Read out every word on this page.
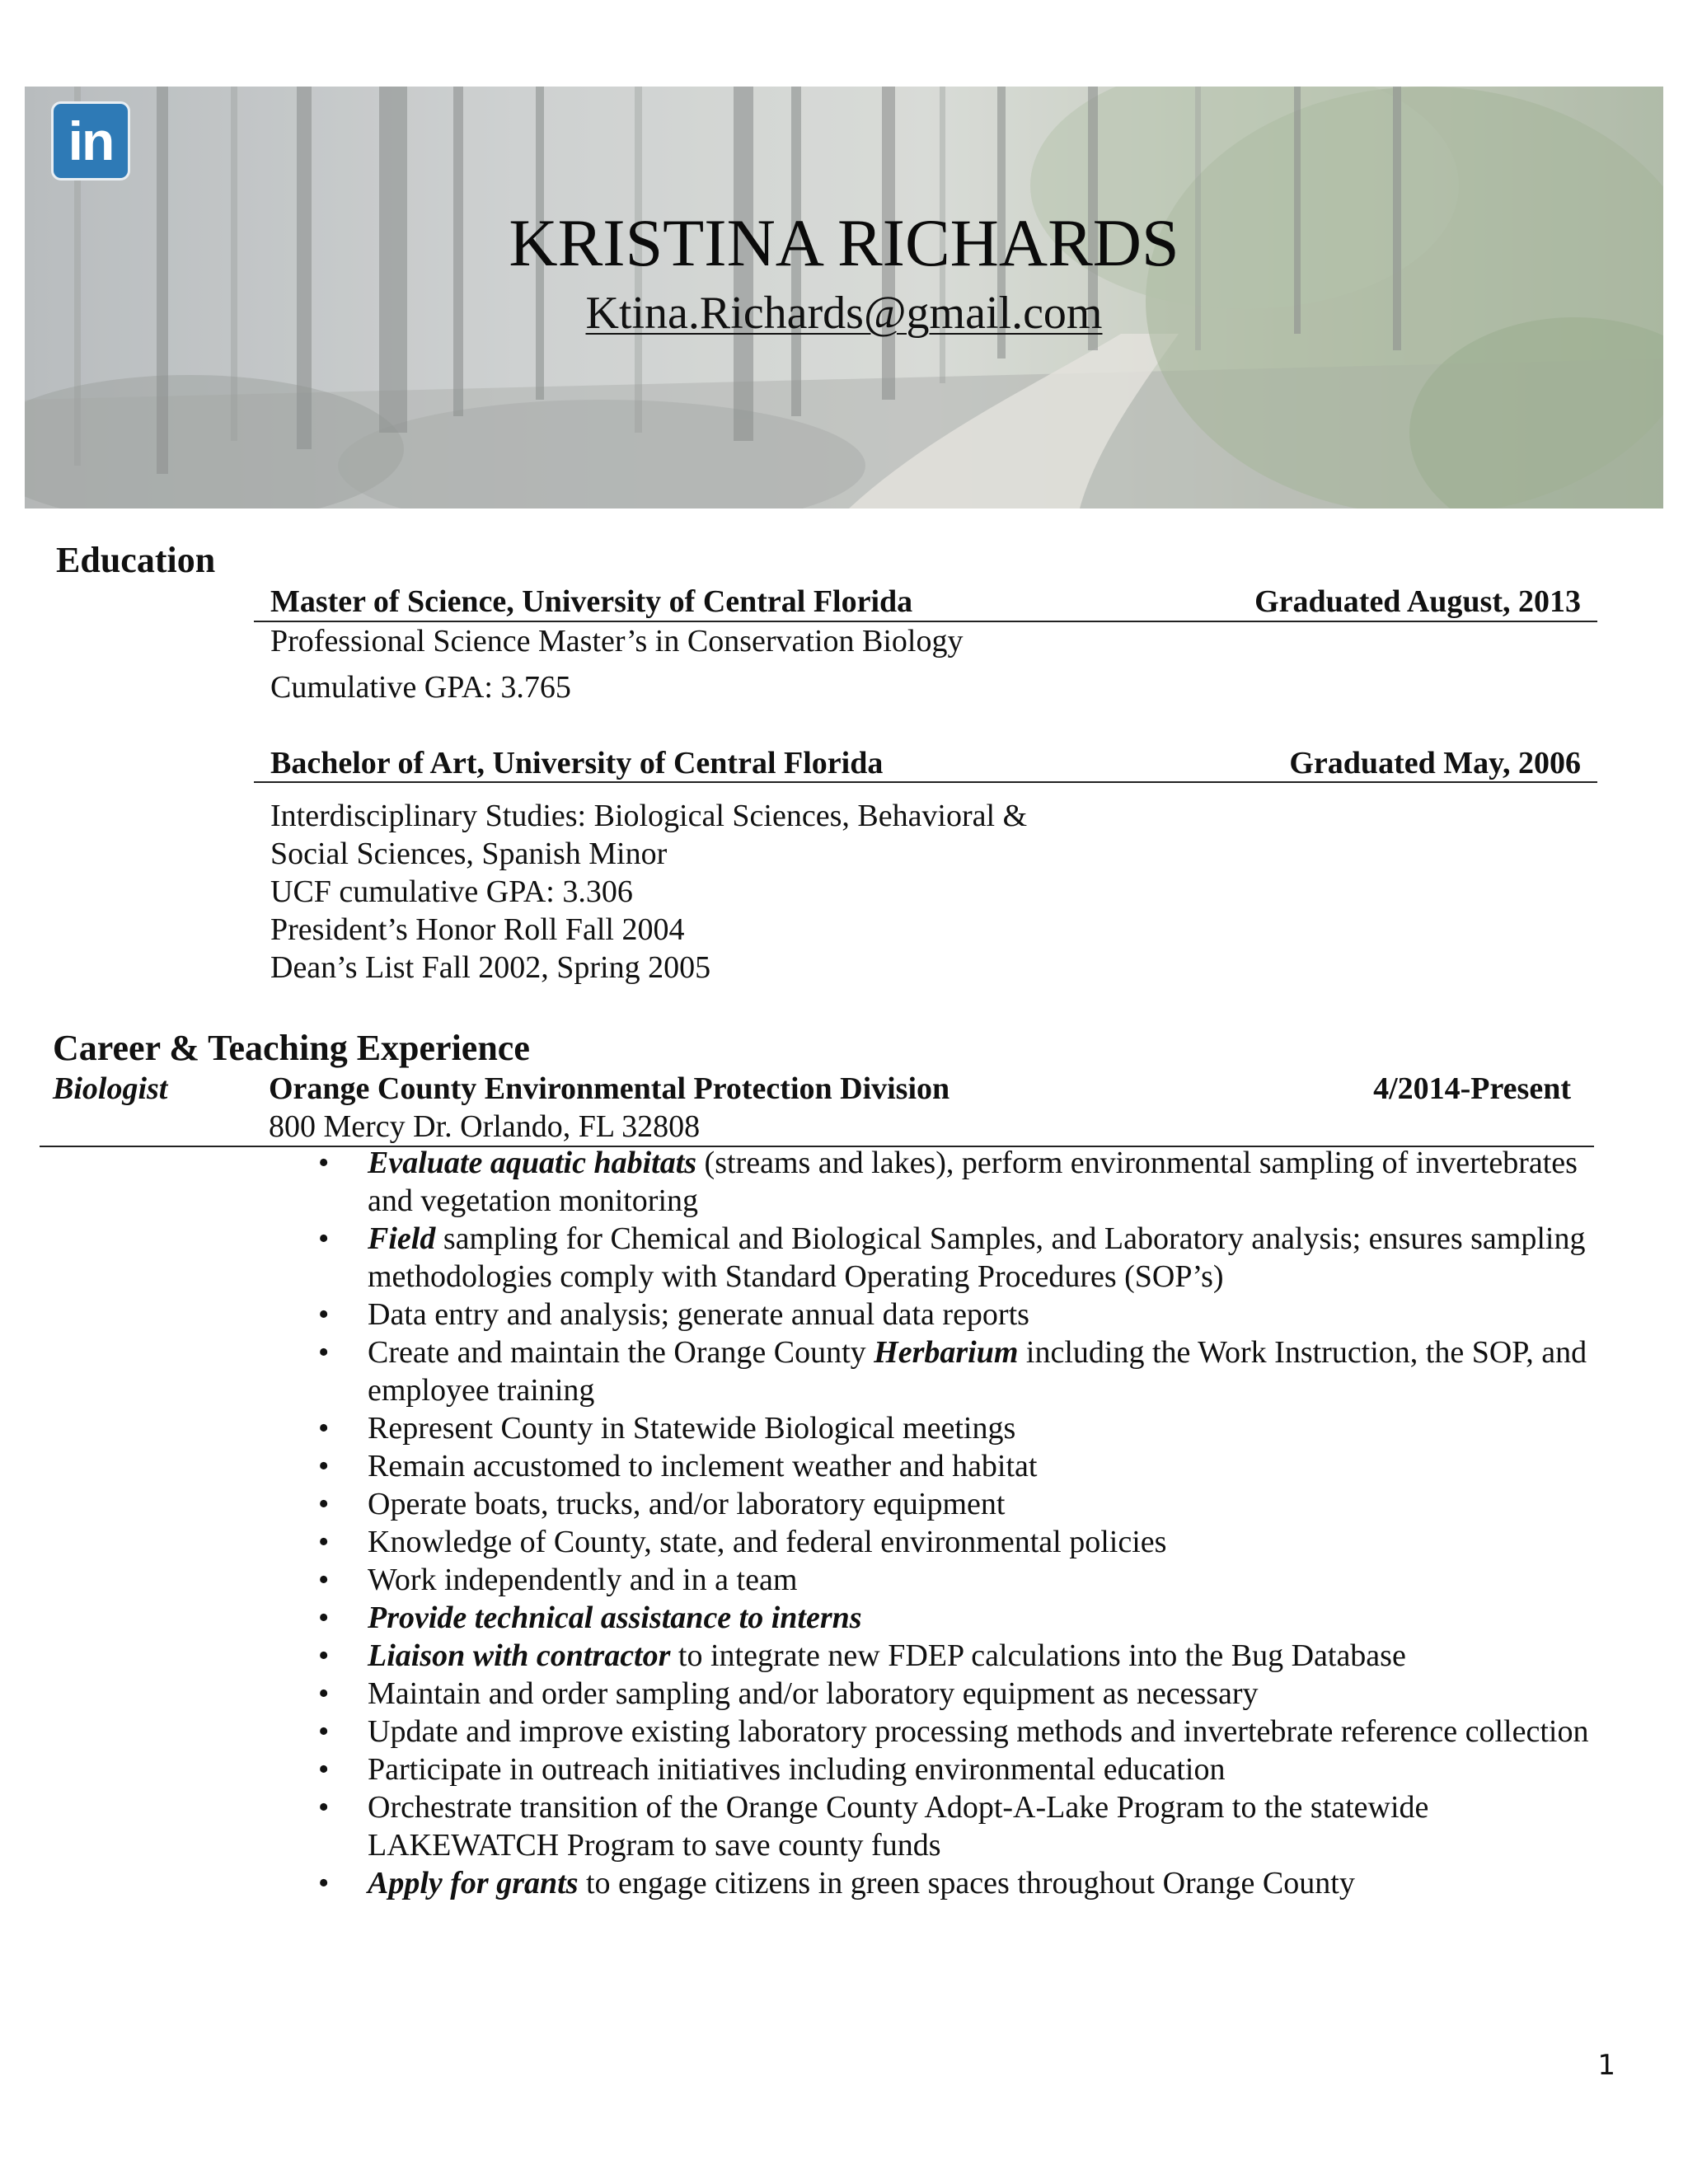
in
KRISTINA RICHARDS
Ktina.Richards@gmail.com
Education
Master of Science, University of Central Florida	Graduated August, 2013
Professional Science Master’s in Conservation Biology
Cumulative GPA: 3.765
Bachelor of Art, University of Central Florida	Graduated May, 2006
Interdisciplinary Studies: Biological Sciences, Behavioral &
Social Sciences, Spanish Minor
UCF cumulative GPA: 3.306
President’s Honor Roll Fall 2004
Dean’s List Fall 2002, Spring 2005
Career & Teaching Experience
Biologist	Orange County Environmental Protection Division	4/2014-Present
800 Mercy Dr. Orlando, FL 32808
• Evaluate aquatic habitats (streams and lakes), perform environmental sampling of invertebrates and vegetation monitoring
• Field sampling for Chemical and Biological Samples, and Laboratory analysis; ensures sampling methodologies comply with Standard Operating Procedures (SOP’s)
• Data entry and analysis; generate annual data reports
• Create and maintain the Orange County Herbarium including the Work Instruction, the SOP, and employee training
• Represent County in Statewide Biological meetings
• Remain accustomed to inclement weather and habitat
• Operate boats, trucks, and/or laboratory equipment
• Knowledge of County, state, and federal environmental policies
• Work independently and in a team
• Provide technical assistance to interns
• Liaison with contractor to integrate new FDEP calculations into the Bug Database
• Maintain and order sampling and/or laboratory equipment as necessary
• Update and improve existing laboratory processing methods and invertebrate reference collection
• Participate in outreach initiatives including environmental education
• Orchestrate transition of the Orange County Adopt-A-Lake Program to the statewide LAKEWATCH Program to save county funds
• Apply for grants to engage citizens in green spaces throughout Orange County
1
